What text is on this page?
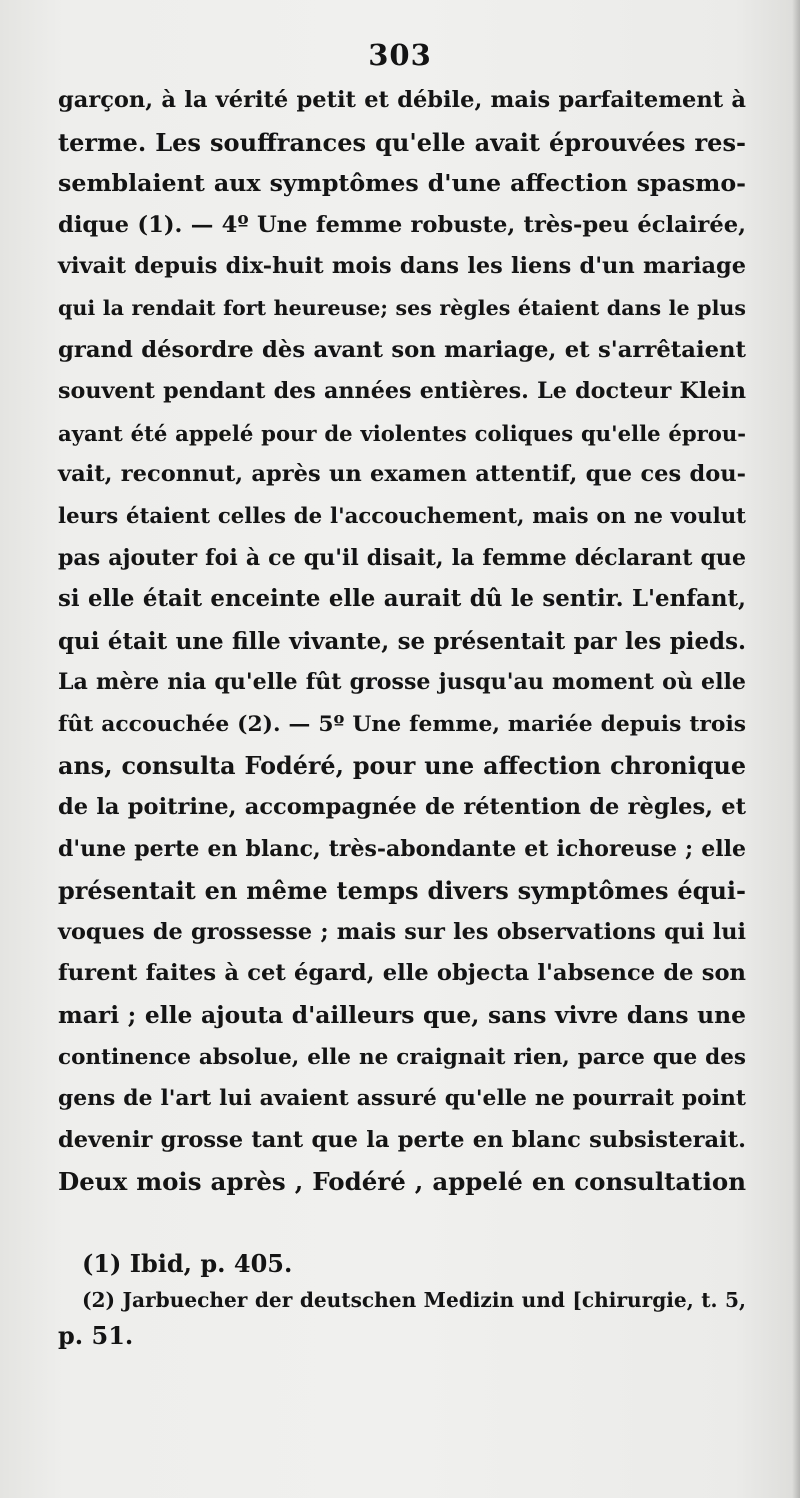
303
garçon, à la vérité petit et débile, mais parfaitement à
terme. Les souffrances qu'elle avait éprouvées res-
semblaient aux symptômes d'une affection spasmo-
dique (1). — 4º Une femme robuste, très-peu éclairée,
vivait depuis dix-huit mois dans les liens d'un mariage
qui la rendait fort heureuse; ses règles étaient dans le plus
grand désordre dès avant son mariage, et s'arrêtaient
souvent pendant des années entières. Le docteur Klein
ayant été appelé pour de violentes coliques qu'elle éprou-
vait, reconnut, après un examen attentif, que ces dou-
leurs étaient celles de l'accouchement, mais on ne voulut
pas ajouter foi à ce qu'il disait, la femme déclarant que
si elle était enceinte elle aurait dû le sentir. L'enfant,
qui était une fille vivante, se présentait par les pieds.
La mère nia qu'elle fût grosse jusqu'au moment où elle
fût accouchée (2). — 5º Une femme, mariée depuis trois
ans, consulta Fodéré, pour une affection chronique
de la poitrine, accompagnée de rétention de règles, et
d'une perte en blanc, très-abondante et ichoreuse ; elle
présentait en même temps divers symptômes équi-
voques de grossesse ; mais sur les observations qui lui
furent faites à cet égard, elle objecta l'absence de son
mari ; elle ajouta d'ailleurs que, sans vivre dans une
continence absolue, elle ne craignait rien, parce que des
gens de l'art lui avaient assuré qu'elle ne pourrait point
devenir grosse tant que la perte en blanc subsisterait.
Deux mois après , Fodéré , appelé en consultation
(1) Ibid, p. 405.
(2) Jarbuecher der deutschen Medizin und [chirurgie, t. 5,
p. 51.
